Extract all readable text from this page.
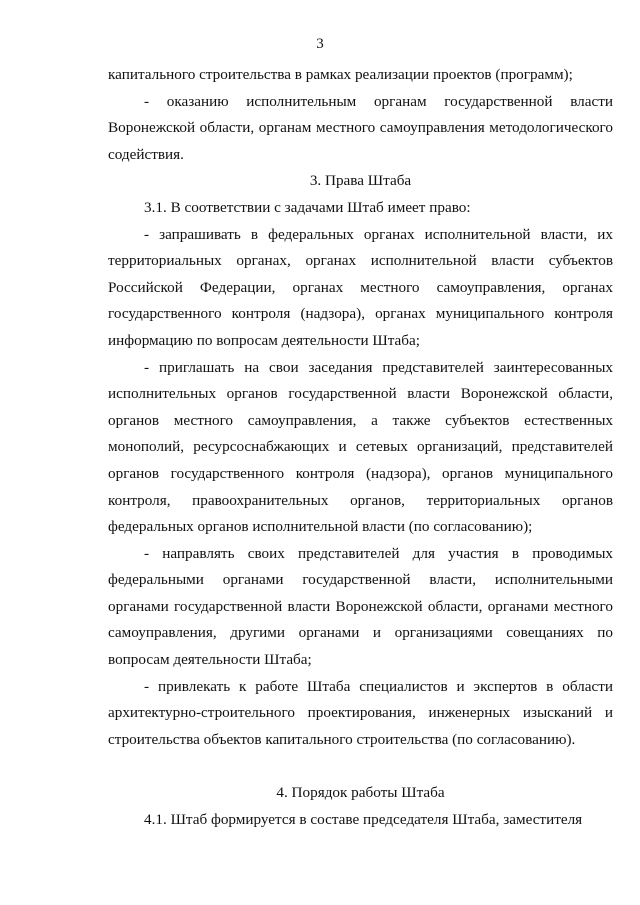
3

капитального строительства в рамках реализации проектов (программ);

- оказанию исполнительным органам государственной власти Воронежской области, органам местного самоуправления методологического содействия.

3. Права Штаба

3.1. В соответствии с задачами Штаб имеет право:

- запрашивать в федеральных органах исполнительной власти, их территориальных органах, органах исполнительной власти субъектов Российской Федерации, органах местного самоуправления, органах государственного контроля (надзора), органах муниципального контроля информацию по вопросам деятельности Штаба;

- приглашать на свои заседания представителей заинтересованных исполнительных органов государственной власти Воронежской области, органов местного самоуправления, а также субъектов естественных монополий, ресурсоснабжающих и сетевых организаций, представителей органов государственного контроля (надзора), органов муниципального контроля, правоохранительных органов, территориальных органов федеральных органов исполнительной власти (по согласованию);

- направлять своих представителей для участия в проводимых федеральными органами государственной власти, исполнительными органами государственной власти Воронежской области, органами местного самоуправления, другими органами и организациями совещаниях по вопросам деятельности Штаба;

- привлекать к работе Штаба специалистов и экспертов в области архитектурно-строительного проектирования, инженерных изысканий и строительства объектов капитального строительства (по согласованию).

4. Порядок работы Штаба

4.1. Штаб формируется в составе председателя Штаба, заместителя
